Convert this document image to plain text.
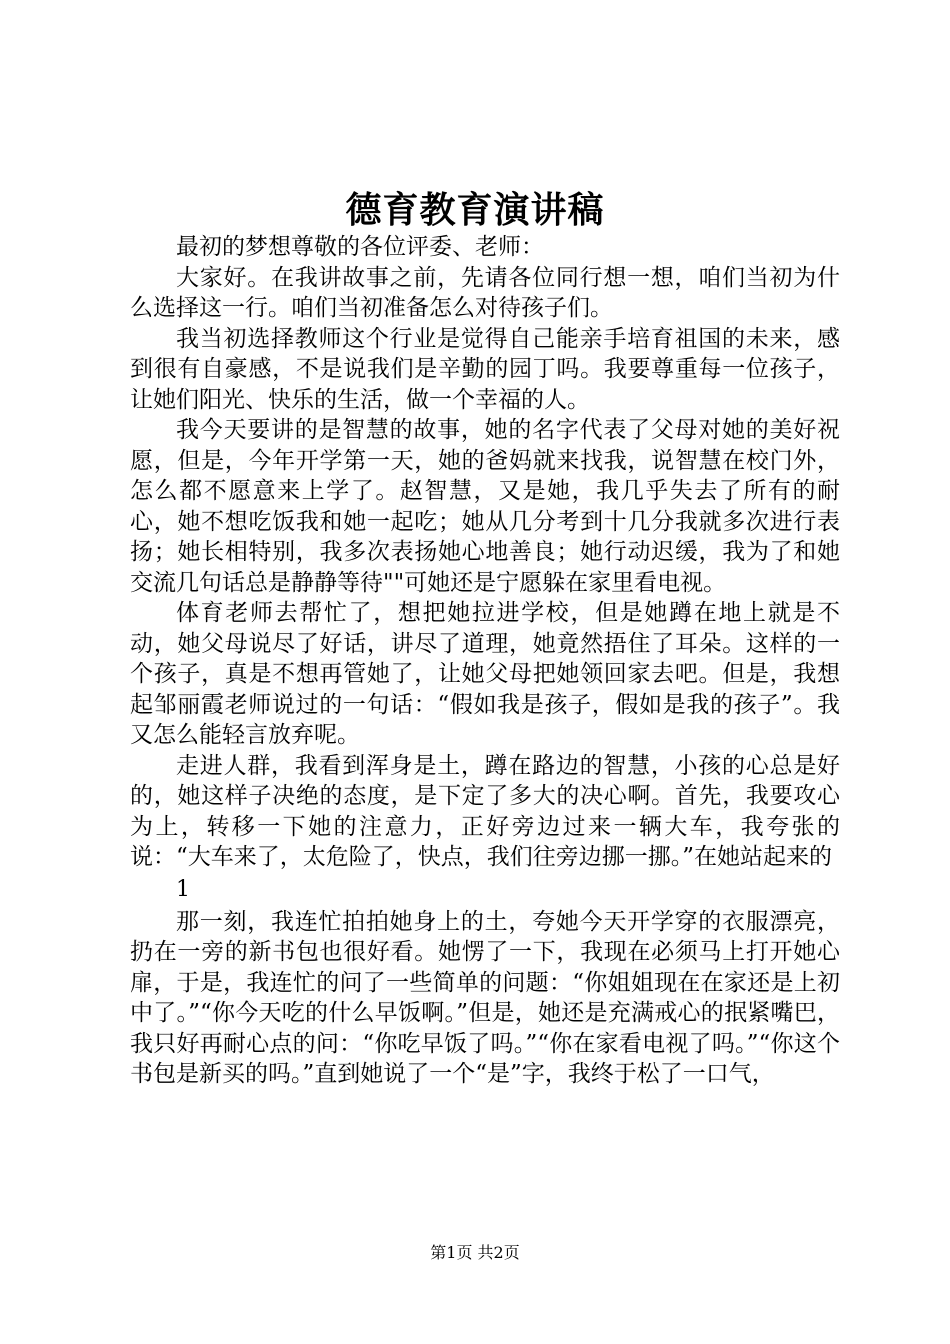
德育教育演讲稿

最初的梦想尊敬的各位评委、老师：

大家好。在我讲故事之前，先请各位同行想一想，咱们当初为什么选择这一行。咱们当初准备怎么对待孩子们。

我当初选择教师这个行业是觉得自己能亲手培育祖国的未来，感到很有自豪感，不是说我们是辛勤的园丁吗。我要尊重每一位孩子，让她们阳光、快乐的生活，做一个幸福的人。

我今天要讲的是智慧的故事，她的名字代表了父母对她的美好祝愿，但是，今年开学第一天，她的爸妈就来找我，说智慧在校门外，怎么都不愿意来上学了。赵智慧，又是她，我几乎失去了所有的耐心，她不想吃饭我和她一起吃；她从几分考到十几分我就多次进行表扬；她长相特别，我多次表扬她心地善良；她行动迟缓，我为了和她交流几句话总是静静等待""可她还是宁愿躲在家里看电视。

体育老师去帮忙了，想把她拉进学校，但是她蹲在地上就是不动，她父母说尽了好话，讲尽了道理，她竟然捂住了耳朵。这样的一个孩子，真是不想再管她了，让她父母把她领回家去吧。但是，我想起邹丽霞老师说过的一句话：“假如我是孩子，假如是我的孩子”。我又怎么能轻言放弃呢。

走进人群，我看到浑身是土，蹲在路边的智慧，小孩的心总是好的，她这样子决绝的态度，是下定了多大的决心啊。首先，我要攻心为上，转移一下她的注意力，正好旁边过来一辆大车，我夸张的说：“大车来了，太危险了，快点，我们往旁边挪一挪。”在她站起来的

1

那一刻，我连忙拍拍她身上的土，夸她今天开学穿的衣服漂亮，扔在一旁的新书包也很好看。她愣了一下，我现在必须马上打开她心扉，于是，我连忙的问了一些简单的问题：“你姐姐现在在家还是上初中了。”“你今天吃的什么早饭啊。”但是，她还是充满戒心的抿紧嘴巴，我只好再耐心点的问：“你吃早饭了吗。”“你在家看电视了吗。”“你这个书包是新买的吗。”直到她说了一个“是”字，我终于松了一口气，

第1页 共2页
